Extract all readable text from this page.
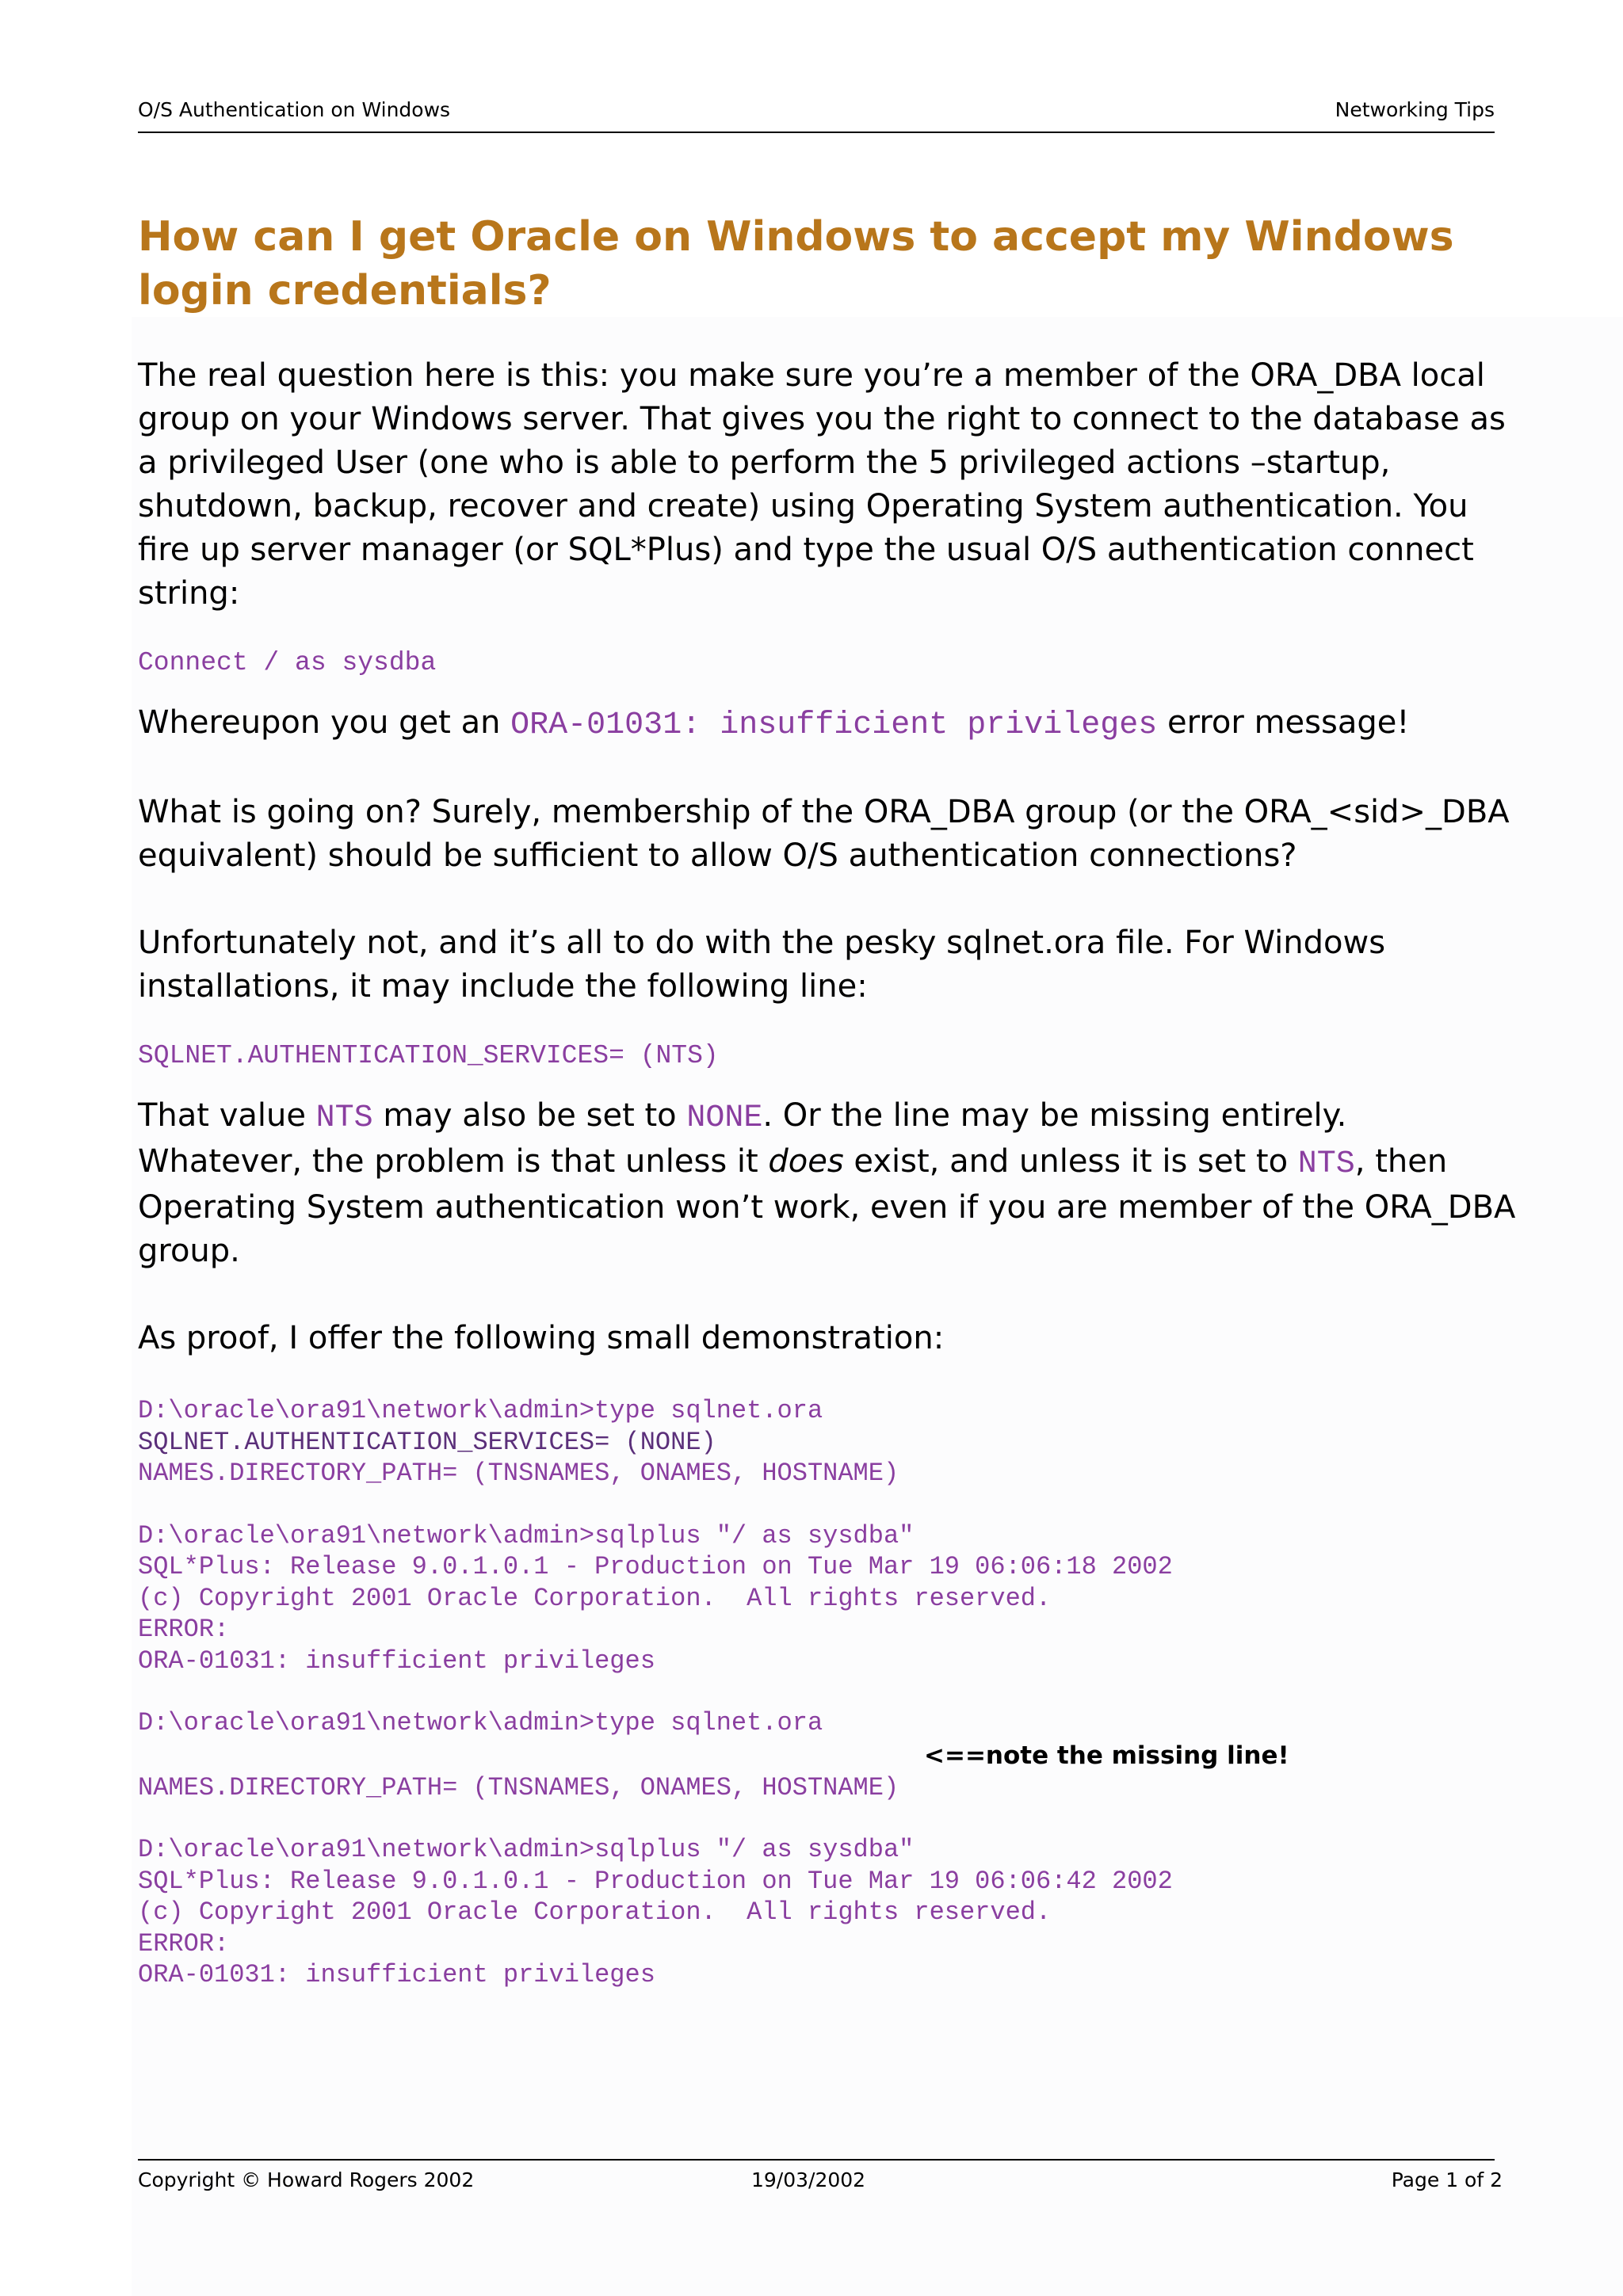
O/S Authentication on Windows	Networking Tips
How can I get Oracle on Windows to accept my Windows login credentials?

The real question here is this: you make sure you’re a member of the ORA_DBA local group on your Windows server. That gives you the right to connect to the database as a privileged User (one who is able to perform the 5 privileged actions –startup, shutdown, backup, recover and create) using Operating System authentication. You fire up server manager (or SQL*Plus) and type the usual O/S authentication connect string:

Connect / as sysdba

Whereupon you get an ORA-01031: insufficient privileges error message!

What is going on? Surely, membership of the ORA_DBA group (or the ORA_<sid>_DBA equivalent) should be sufficient to allow O/S authentication connections?

Unfortunately not, and it’s all to do with the pesky sqlnet.ora file. For Windows installations, it may include the following line:

SQLNET.AUTHENTICATION_SERVICES= (NTS)

That value NTS may also be set to NONE. Or the line may be missing entirely. Whatever, the problem is that unless it does exist, and unless it is set to NTS, then Operating System authentication won’t work, even if you are member of the ORA_DBA group.

As proof, I offer the following small demonstration:

D:\oracle\ora91\network\admin>type sqlnet.ora

SQLNET.AUTHENTICATION_SERVICES= (NONE)

NAMES.DIRECTORY_PATH= (TNSNAMES, ONAMES, HOSTNAME)

D:\oracle\ora91\network\admin>sqlplus "/ as sysdba"

SQL*Plus: Release 9.0.1.0.1 - Production on Tue Mar 19 06:06:18 2002

(c) Copyright 2001 Oracle Corporation.  All rights reserved.

ERROR:

ORA-01031: insufficient privileges

D:\oracle\ora91\network\admin>type sqlnet.ora

<==note the missing line!

NAMES.DIRECTORY_PATH= (TNSNAMES, ONAMES, HOSTNAME)

D:\oracle\ora91\network\admin>sqlplus "/ as sysdba"

SQL*Plus: Release 9.0.1.0.1 - Production on Tue Mar 19 06:06:42 2002

(c) Copyright 2001 Oracle Corporation.  All rights reserved.

ERROR:

ORA-01031: insufficient privileges

Copyright © Howard Rogers 2002	19/03/2002	Page 1 of 2
